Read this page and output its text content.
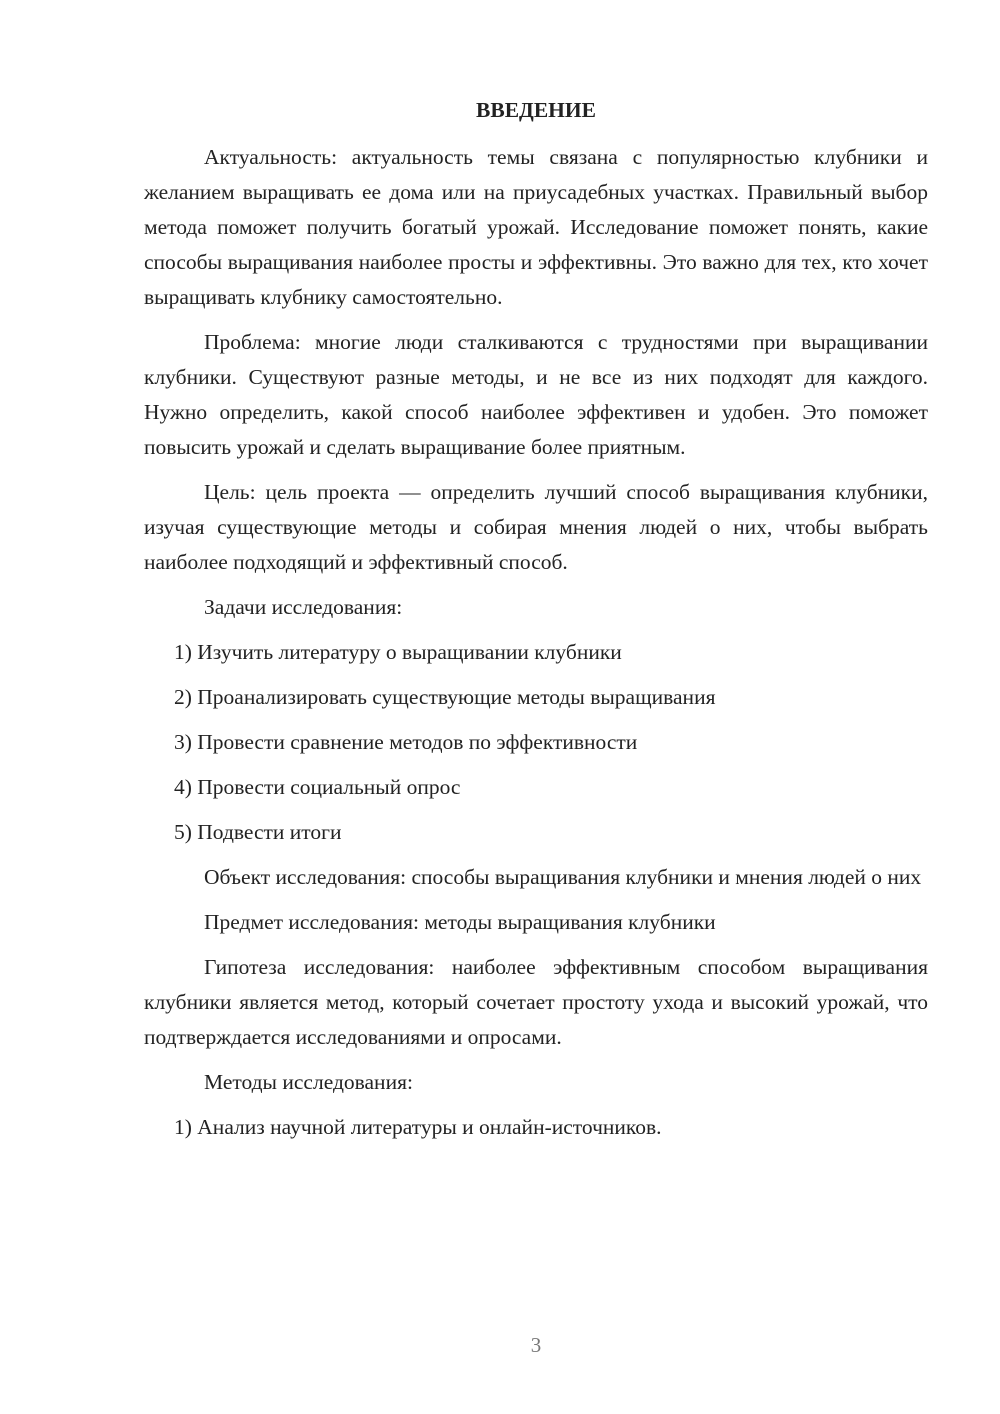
ВВЕДЕНИЕ

Актуальность: актуальность темы связана с популярностью клубники и желанием выращивать ее дома или на приусадебных участках. Правильный выбор метода поможет получить богатый урожай. Исследование поможет понять, какие способы выращивания наиболее просты и эффективны. Это важно для тех, кто хочет выращивать клубнику самостоятельно.

Проблема: многие люди сталкиваются с трудностями при выращивании клубники. Существуют разные методы, и не все из них подходят для каждого. Нужно определить, какой способ наиболее эффективен и удобен. Это поможет повысить урожай и сделать выращивание более приятным.

Цель: цель проекта — определить лучший способ выращивания клубники, изучая существующие методы и собирая мнения людей о них, чтобы выбрать наиболее подходящий и эффективный способ.

Задачи исследования:

1) Изучить литературу о выращивании клубники
2) Проанализировать существующие методы выращивания
3) Провести сравнение методов по эффективности
4) Провести социальный опрос
5) Подвести итоги

Объект исследования: способы выращивания клубники и мнения людей о них

Предмет исследования: методы выращивания клубники

Гипотеза исследования: наиболее эффективным способом выращивания клубники является метод, который сочетает простоту ухода и высокий урожай, что подтверждается исследованиями и опросами.

Методы исследования:

1) Анализ научной литературы и онлайн-источников.
3
